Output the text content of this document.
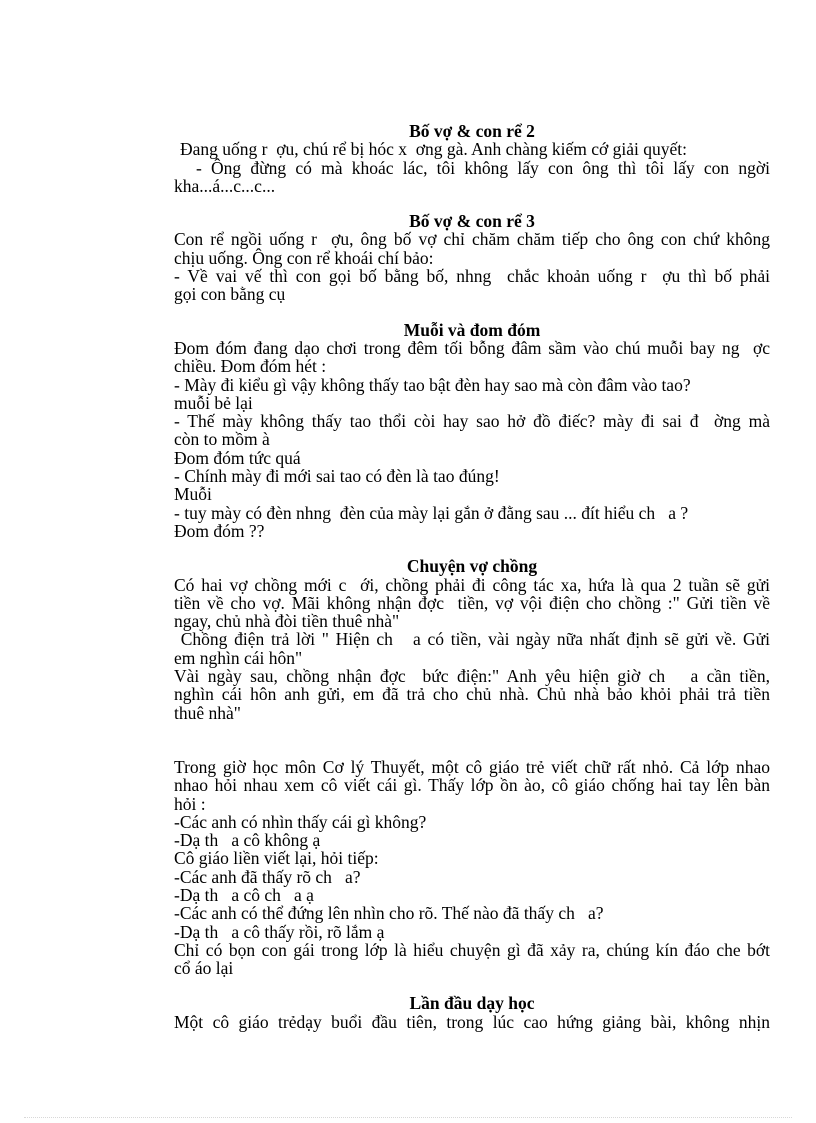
Bố vợ & con rể 2
Đang uống r  ợu, chú rể bị hóc x  ơng gà. Anh chàng kiếm cớ giải quyết:
- Ông đừng có mà khoác lác, tôi không lấy con ông thì tôi lấy con ngời
kha...á...c...c...
Bố vợ & con rể 3
Con rể ngồi uống r  ợu, ông bố vợ chỉ chăm chăm tiếp cho ông con chứ không
chịu uống. Ông con rể khoái chí bảo:
- Về vai vế thì con gọi bố bằng bố, nhng  chắc khoản uống r  ợu thì bố phải
gọi con bằng cụ
Muỗi và đom đóm
Đom đóm đang dạo chơi trong đêm tối bỗng đâm sầm vào chú muỗi bay ng  ợc
chiều. Đom đóm hét :
- Mày đi kiểu gì vậy không thấy tao bật đèn hay sao mà còn đâm vào tao?
muỗi bẻ lại
- Thế mày không thấy tao thổi còi hay sao hở đồ điếc? mày đi sai đ  ờng mà
còn to mồm à
Đom đóm tức quá
- Chính mày đi mới sai tao có đèn là tao đúng!
Muỗi
- tuy mày có đèn nhng  đèn của mày lại gắn ở đằng sau ... đít hiểu ch   a ?
Đom đóm ??
Chuyện vợ chồng
Có hai vợ chồng mới c  ới, chồng phải đi công tác xa, hứa là qua 2 tuần sẽ gửi
tiền về cho vợ. Mãi không nhận đợc  tiền, vợ vội điện cho chồng :" Gửi tiền về
ngay, chủ nhà đòi tiền thuê nhà"
Chồng điện trả lời " Hiện ch   a có tiền, vài ngày nữa nhất định sẽ gửi về. Gửi
em nghìn cái hôn"
Vài ngày sau, chồng nhận đợc  bức điện:" Anh yêu hiện giờ ch   a cần tiền,
nghìn cái hôn anh gửi, em đã trả cho chủ nhà. Chủ nhà bảo khỏi phải trả tiền
thuê nhà"
Trong giờ học môn Cơ lý Thuyết, một cô giáo trẻ viết chữ rất nhỏ. Cả lớp nhao
nhao hỏi nhau xem cô viết cái gì. Thấy lớp ồn ào, cô giáo chống hai tay lên bàn
hỏi :
-Các anh có nhìn thấy cái gì không?
-Dạ th   a cô không ạ
Cô giáo liền viết lại, hỏi tiếp:
-Các anh đã thấy rõ ch   a?
-Dạ th   a cô ch   a ạ
-Các anh có thể đứng lên nhìn cho rõ. Thế nào đã thấy ch   a?
-Dạ th   a cô thấy rồi, rõ lắm ạ
Chỉ có bọn con gái trong lớp là hiểu chuyện gì đã xảy ra, chúng kín đáo che bớt
cổ áo lại
Lần đầu dạy học
Một cô giáo trẻdạy buổi đầu tiên, trong lúc cao hứng giảng bài, không nhịn
